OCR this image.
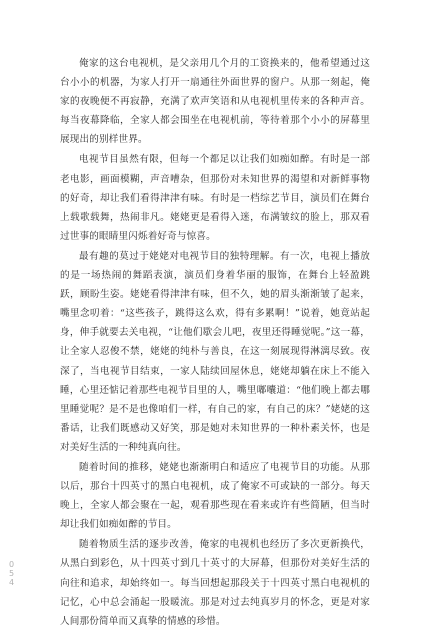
俺家的这台电视机，是父亲用几个月的工资换来的，他希望通过这台小小的机器，为家人打开一扇通往外面世界的窗户。从那一刻起，俺家的夜晚便不再寂静，充满了欢声笑语和从电视机里传来的各种声音。每当夜幕降临，全家人都会围坐在电视机前，等待着那个小小的屏幕里展现出的别样世界。

电视节目虽然有限，但每一个都足以让我们如痴如醉。有时是一部老电影，画面模糊，声音嘈杂，但那份对未知世界的渴望和对新鲜事物的好奇，却让我们看得津津有味。有时是一档综艺节目，演员们在舞台上载歌载舞，热闹非凡。姥姥更是看得入迷，布满皱纹的脸上，那双看过世事的眼睛里闪烁着好奇与惊喜。

最有趣的莫过于姥姥对电视节目的独特理解。有一次，电视上播放的是一场热闹的舞蹈表演，演员们身着华丽的服饰，在舞台上轻盈跳跃，顾盼生姿。姥姥看得津津有味，但不久，她的眉头渐渐皱了起来，嘴里念叨着：“这些孩子，跳得这么欢，得有多累啊！”说着，她竟站起身，伸手就要去关电视，“让他们歇会儿吧，夜里还得睡觉呢。”这一幕，让全家人忍俊不禁，姥姥的纯朴与善良，在这一刻展现得淋漓尽致。夜深了，当电视节目结束，一家人陆续回屋休息，姥姥却躺在床上不能入睡，心里还惦记着那些电视节目里的人，嘴里嘟囔道：“他们晚上都去哪里睡觉呢？是不是也像咱们一样，有自己的家，有自己的床？”姥姥的这番话，让我们既感动又好笑，那是她对未知世界的一种朴素关怀，也是对美好生活的一种纯真向往。

随着时间的推移，姥姥也渐渐明白和适应了电视节目的功能。从那以后，那台十四英寸的黑白电视机，成了俺家不可或缺的一部分。每天晚上，全家人都会聚在一起，观看那些现在看来或许有些简陋，但当时却让我们如痴如醉的节目。

随着物质生活的逐步改善，俺家的电视机也经历了多次更新换代，从黑白到彩色，从十四英寸到几十英寸的大屏幕，但那份对美好生活的向往和追求，却始终如一。每当回想起那段关于十四英寸黑白电视机的记忆，心中总会涌起一股暖流。那是对过去纯真岁月的怀念，更是对家人间那份简单而又真挚的情感的珍惜。

054
